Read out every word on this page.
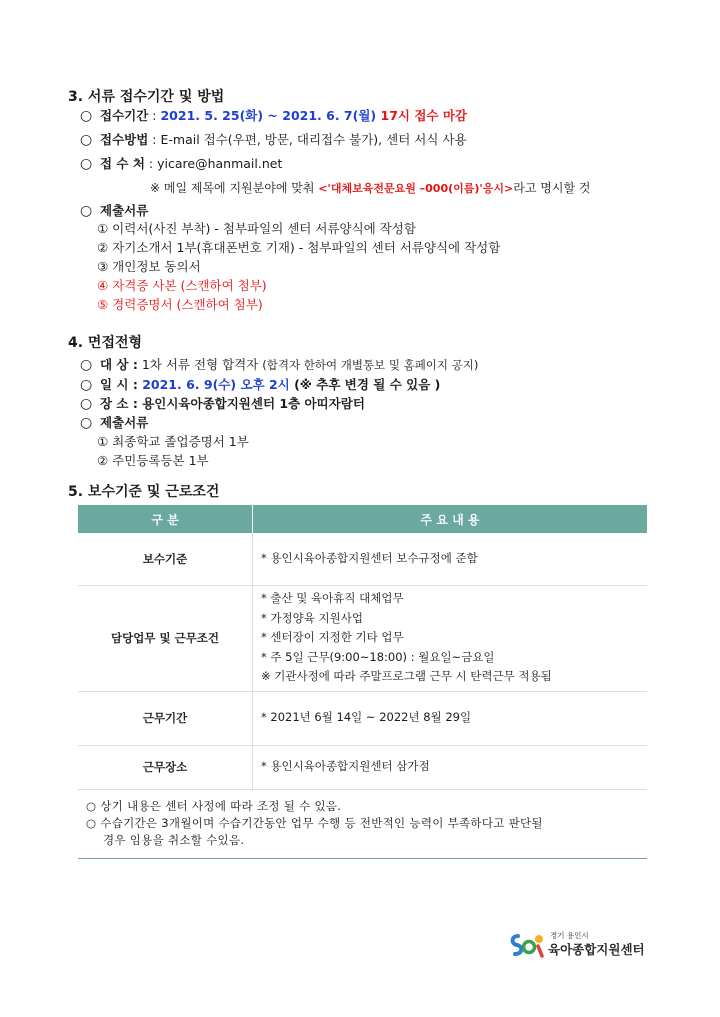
3. 서류 접수기간 및 방법
○ 접수기간 : 2021. 5. 25(화) ~ 2021. 6. 7(월) 17시 접수 마감
○ 접수방법 : E-mail 접수(우편, 방문, 대리접수 불가), 센터 서식 사용
○ 접 수 처 : yicare@hanmail.net
※ 메일 제목에 지원분야에 맞춰 <'대체보육전문요원 –000(이름)'응시>라고 명시할 것
○ 제출서류
① 이력서(사진 부착) - 첨부파일의 센터 서류양식에 작성함
② 자기소개서 1부(휴대폰번호 기재) - 첨부파일의 센터 서류양식에 작성함
③ 개인정보 동의서
④ 자격증 사본 (스캔하여 첨부)
⑤ 경력증명서 (스캔하여 첨부)
4. 면접전형
○ 대 상 : 1차 서류 전형 합격자 (합격자 한하여 개별통보 및 홈페이지 공지)
○ 일 시 : 2021. 6. 9(수) 오후 2시 (※ 추후 변경 될 수 있음 )
○ 장 소 : 용인시육아종합지원센터 1층 아띠자람터
○ 제출서류
① 최종학교 졸업증명서 1부
② 주민등록등본 1부
5. 보수기준 및 근로조건
구 분	주 요 내 용
보수기준	* 용인시육아종합지원센터 보수규정에 준함

담당업무 및 근무조건	* 출산 및 육아휴직 대체업무
* 가정양육 지원사업
* 센터장이 지정한 기타 업무
* 주 5일 근무(9:00~18:00) : 월요일~금요일
※ 기관사정에 따라 주말프로그램 근무 시 탄력근무 적용됨

근무기간	* 2021년 6월 14일 ~ 2022년 8월 29일

근무장소	* 용인시육아종합지원센터 삼가점
○ 상기 내용은 센터 사정에 따라 조정 될 수 있음.
○ 수습기간은 3개월이며 수습기간동안 업무 수행 등 전반적인 능력이 부족하다고 판단될
경우 임용을 취소할 수있음.
경기 용인시
육아종합지원센터
